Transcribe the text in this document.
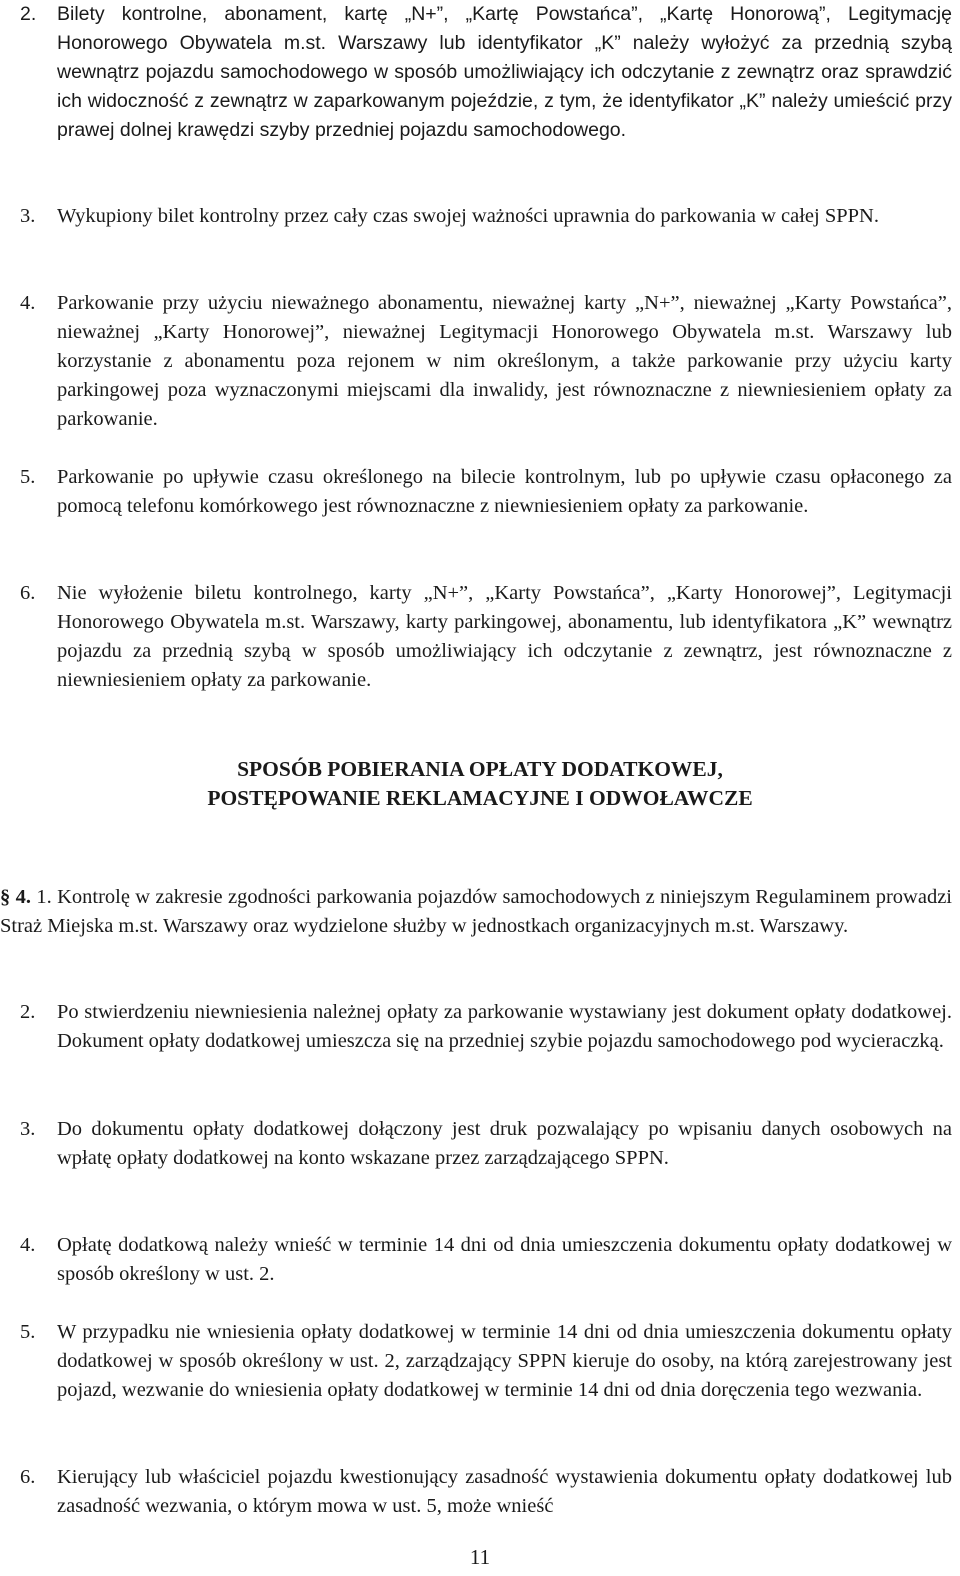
2.	Bilety kontrolne, abonament, kartę „N+”, „Kartę Powstańca”, „Kartę Honorową”, Legitymację Honorowego Obywatela m.st. Warszawy lub identyfikator „K” należy wyłożyć za przednią szybą wewnątrz pojazdu samochodowego w sposób umożliwiający ich odczytanie z zewnątrz oraz sprawdzić ich widoczność z zewnątrz w zaparkowanym pojeździe, z tym, że identyfikator „K” należy umieścić przy prawej dolnej krawędzi szyby przedniej pojazdu samochodowego.
3.	Wykupiony bilet kontrolny przez cały czas swojej ważności uprawnia do parkowania w całej SPPN.
4.	Parkowanie przy użyciu nieważnego abonamentu, nieważnej karty „N+”, nieważnej „Karty Powstańca”, nieważnej „Karty Honorowej”, nieważnej Legitymacji Honorowego Obywatela m.st. Warszawy lub korzystanie z abonamentu poza rejonem w nim określonym, a także parkowanie przy użyciu karty parkingowej poza wyznaczonymi miejscami dla inwalidy, jest równoznaczne z niewniesieniem opłaty za parkowanie.
5.	Parkowanie po upływie czasu określonego na bilecie kontrolnym, lub po upływie czasu opłaconego za pomocą telefonu komórkowego jest równoznaczne z niewniesieniem opłaty za parkowanie.
6.	Nie wyłożenie biletu kontrolnego, karty „N+”, „Karty Powstańca”, „Karty Honorowej”, Legitymacji Honorowego Obywatela m.st. Warszawy, karty parkingowej, abonamentu, lub identyfikatora „K” wewnątrz pojazdu za przednią szybą w sposób umożliwiający ich odczytanie z zewnątrz, jest równoznaczne z niewniesieniem opłaty za parkowanie.
SPOSÓB POBIERANIA OPŁATY DODATKOWEJ,
POSTĘPOWANIE REKLAMACYJNE I ODWOŁAWCZE
§ 4. 1. Kontrolę w zakresie zgodności parkowania pojazdów samochodowych z niniejszym Regulaminem prowadzi Straż Miejska m.st. Warszawy oraz wydzielone służby w jednostkach organizacyjnych m.st. Warszawy.
2.	Po stwierdzeniu niewniesienia należnej opłaty za parkowanie wystawiany jest dokument opłaty dodatkowej. Dokument opłaty dodatkowej umieszcza się na przedniej szybie pojazdu samochodowego pod wycieraczką.
3.	Do dokumentu opłaty dodatkowej dołączony jest druk pozwalający po wpisaniu danych osobowych na wpłatę opłaty dodatkowej na konto wskazane przez zarządzającego SPPN.
4.	Opłatę dodatkową należy wnieść w terminie 14 dni od dnia umieszczenia dokumentu opłaty dodatkowej w sposób określony w ust. 2.
5.	W przypadku nie wniesienia opłaty dodatkowej w terminie 14 dni od dnia umieszczenia dokumentu opłaty dodatkowej w sposób określony w ust. 2, zarządzający SPPN kieruje do osoby, na którą zarejestrowany jest pojazd, wezwanie do wniesienia opłaty dodatkowej w terminie 14 dni od dnia doręczenia tego wezwania.
6.	Kierujący lub właściciel pojazdu kwestionujący zasadność wystawienia dokumentu opłaty dodatkowej lub zasadność wezwania, o którym mowa w ust. 5, może wnieść
11
